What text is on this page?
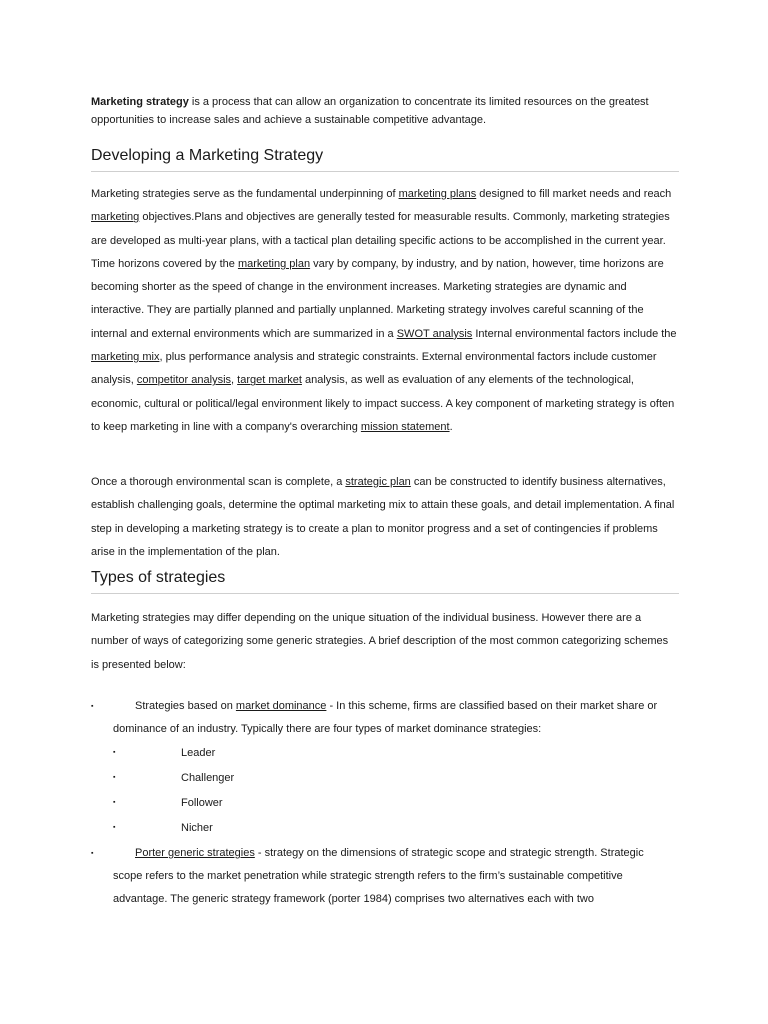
Marketing strategy is a process that can allow an organization to concentrate its limited resources on the greatest opportunities to increase sales and achieve a sustainable competitive advantage.

Developing a Marketing Strategy

Marketing strategies serve as the fundamental underpinning of marketing plans designed to fill market needs and reach marketing objectives.Plans and objectives are generally tested for measurable results. Commonly, marketing strategies are developed as multi-year plans, with a tactical plan detailing specific actions to be accomplished in the current year. Time horizons covered by the marketing plan vary by company, by industry, and by nation, however, time horizons are becoming shorter as the speed of change in the environment increases. Marketing strategies are dynamic and interactive. They are partially planned and partially unplanned. Marketing strategy involves careful scanning of the internal and external environments which are summarized in a SWOT analysis Internal environmental factors include the marketing mix, plus performance analysis and strategic constraints. External environmental factors include customer analysis, competitor analysis, target market analysis, as well as evaluation of any elements of the technological, economic, cultural or political/legal environment likely to impact success. A key component of marketing strategy is often to keep marketing in line with a company's overarching mission statement.

Once a thorough environmental scan is complete, a strategic plan can be constructed to identify business alternatives, establish challenging goals, determine the optimal marketing mix to attain these goals, and detail implementation. A final step in developing a marketing strategy is to create a plan to monitor progress and a set of contingencies if problems arise in the implementation of the plan.

Types of strategies

Marketing strategies may differ depending on the unique situation of the individual business. However there are a number of ways of categorizing some generic strategies. A brief description of the most common categorizing schemes is presented below:

▪	Strategies based on market dominance - In this scheme, firms are classified based on their market share or dominance of an industry. Typically there are four types of market dominance strategies:
▪	Leader
▪	Challenger
▪	Follower
▪	Nicher
▪	Porter generic strategies - strategy on the dimensions of strategic scope and strategic strength. Strategic scope refers to the market penetration while strategic strength refers to the firm’s sustainable competitive advantage. The generic strategy framework (porter 1984) comprises two alternatives each with two
